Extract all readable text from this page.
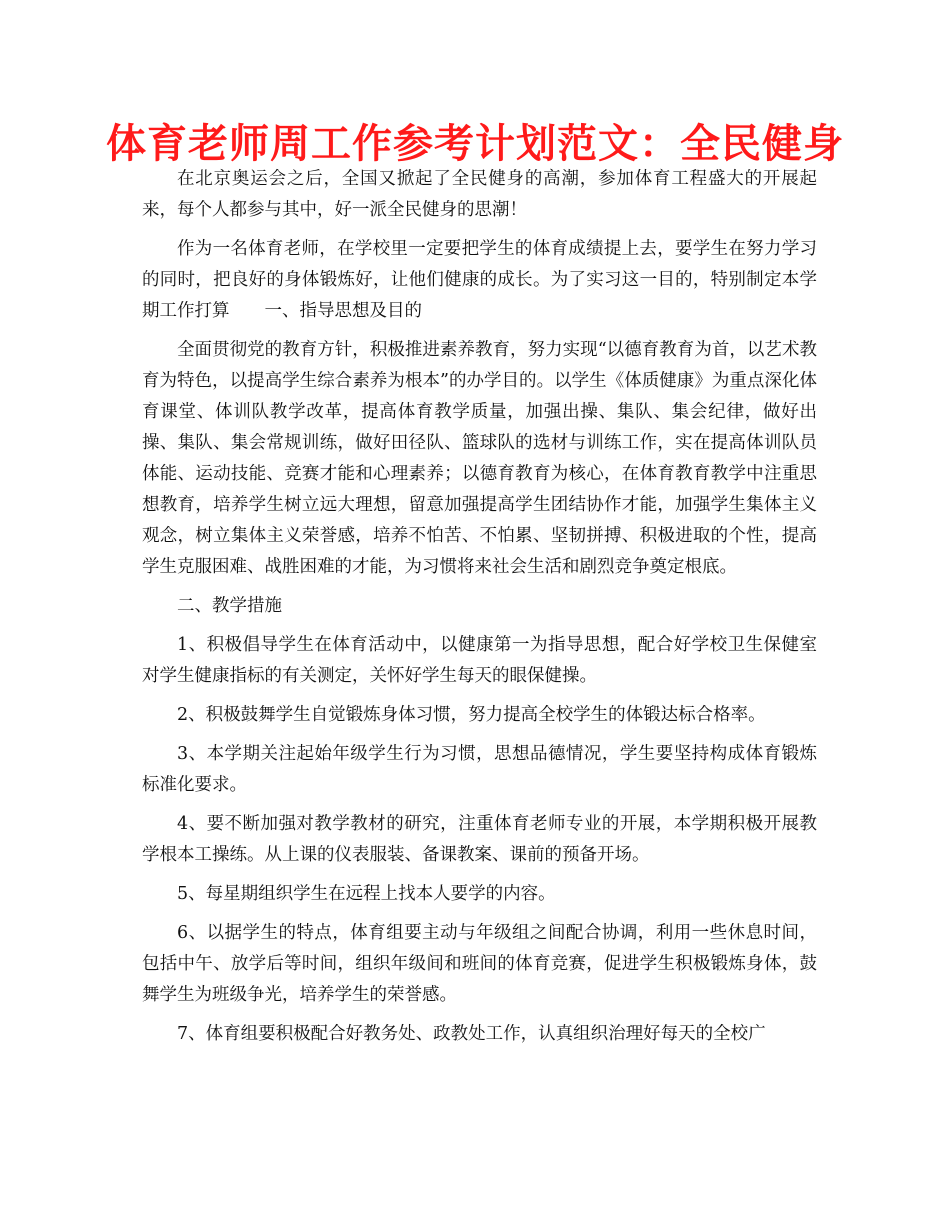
体育老师周工作参考计划范文：全民健身

在北京奥运会之后，全国又掀起了全民健身的高潮，参加体育工程盛大的开展起来，每个人都参与其中，好一派全民健身的思潮！

作为一名体育老师，在学校里一定要把学生的体育成绩提上去，要学生在努力学习的同时，把良好的身体锻炼好，让他们健康的成长。为了实习这一目的，特别制定本学期工作打算　　一、指导思想及目的

全面贯彻党的教育方针，积极推进素养教育，努力实现“以德育教育为首，以艺术教育为特色，以提高学生综合素养为根本”的办学目的。以学生《体质健康》为重点深化体育课堂、体训队教学改革，提高体育教学质量，加强出操、集队、集会纪律，做好出操、集队、集会常规训练，做好田径队、篮球队的选材与训练工作，实在提高体训队员体能、运动技能、竞赛才能和心理素养；以德育教育为核心，在体育教育教学中注重思想教育，培养学生树立远大理想，留意加强提高学生团结协作才能，加强学生集体主义观念，树立集体主义荣誉感，培养不怕苦、不怕累、坚韧拼搏、积极进取的个性，提高学生克服困难、战胜困难的才能，为习惯将来社会生活和剧烈竞争奠定根底。

二、教学措施

1、积极倡导学生在体育活动中，以健康第一为指导思想，配合好学校卫生保健室对学生健康指标的有关测定，关怀好学生每天的眼保健操。

2、积极鼓舞学生自觉锻炼身体习惯，努力提高全校学生的体锻达标合格率。

3、本学期关注起始年级学生行为习惯，思想品德情况，学生要坚持构成体育锻炼标准化要求。

4、要不断加强对教学教材的研究，注重体育老师专业的开展，本学期积极开展教学根本工操练。从上课的仪表服装、备课教案、课前的预备开场。

5、每星期组织学生在远程上找本人要学的内容。

6、以据学生的特点，体育组要主动与年级组之间配合协调，利用一些休息时间，包括中午、放学后等时间，组织年级间和班间的体育竞赛，促进学生积极锻炼身体，鼓舞学生为班级争光，培养学生的荣誉感。

7、体育组要积极配合好教务处、政教处工作，认真组织治理好每天的全校广
